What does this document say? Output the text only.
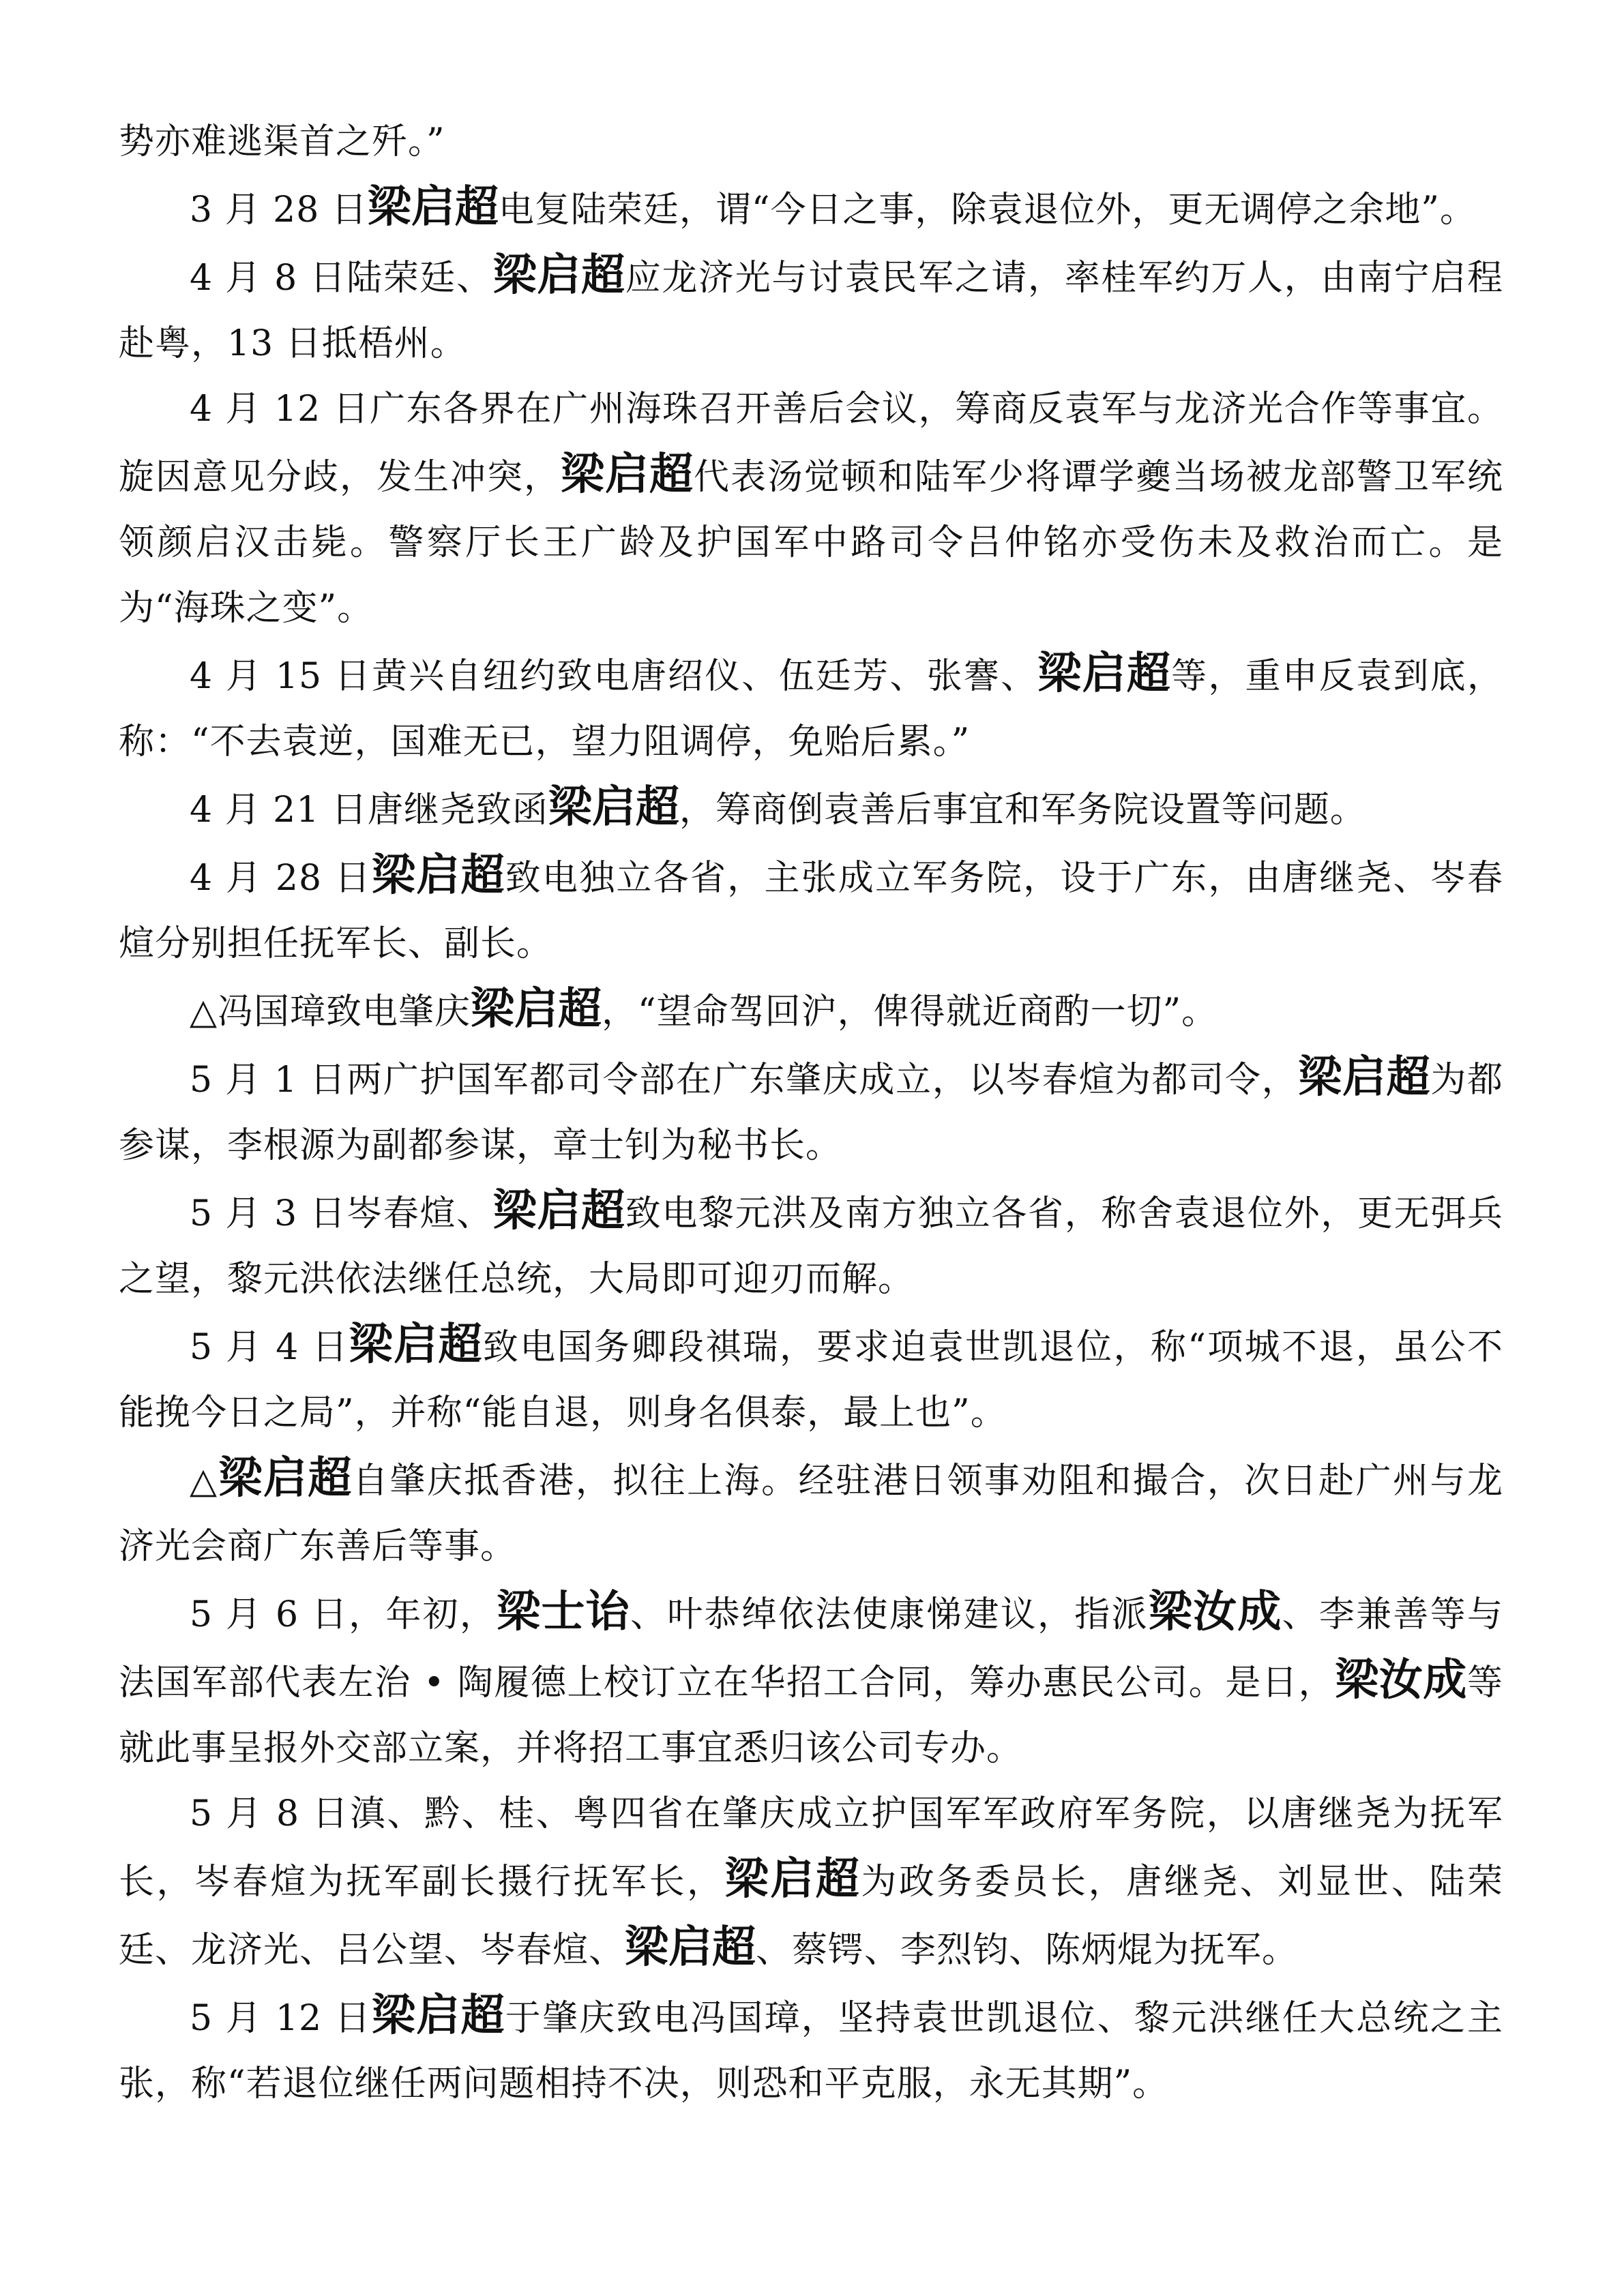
势亦难逃渠首之歼。”

3 月 28 日梁启超电复陆荣廷，谓“今日之事，除袁退位外，更无调停之余地”。

4 月 8 日陆荣廷、梁启超应龙济光与讨袁民军之请，率桂军约万人，由南宁启程赴粤，13 日抵梧州。

4 月 12 日广东各界在广州海珠召开善后会议，筹商反袁军与龙济光合作等事宜。旋因意见分歧，发生冲突，梁启超代表汤觉顿和陆军少将谭学夔当场被龙部警卫军统领颜启汉击毙。警察厅长王广龄及护国军中路司令吕仲铭亦受伤未及救治而亡。是为“海珠之变”。

4 月 15 日黄兴自纽约致电唐绍仪、伍廷芳、张謇、梁启超等，重申反袁到底，称：“不去袁逆，国难无已，望力阻调停，免贻后累。”

4 月 21 日唐继尧致函梁启超，筹商倒袁善后事宜和军务院设置等问题。

4 月 28 日梁启超致电独立各省，主张成立军务院，设于广东，由唐继尧、岑春煊分别担任抚军长、副长。

△冯国璋致电肇庆梁启超，“望命驾回沪，俾得就近商酌一切”。

5 月 1 日两广护国军都司令部在广东肇庆成立，以岑春煊为都司令，梁启超为都参谋，李根源为副都参谋，章士钊为秘书长。

5 月 3 日岑春煊、梁启超致电黎元洪及南方独立各省，称舍袁退位外，更无弭兵之望，黎元洪依法继任总统，大局即可迎刃而解。

5 月 4 日梁启超致电国务卿段祺瑞，要求迫袁世凯退位，称“项城不退，虽公不能挽今日之局”，并称“能自退，则身名俱泰，最上也”。

△梁启超自肇庆抵香港，拟往上海。经驻港日领事劝阻和撮合，次日赴广州与龙济光会商广东善后等事。

5 月 6 日，年初，梁士诒、叶恭绰依法使康悌建议，指派梁汝成、李兼善等与法国军部代表左治 • 陶履德上校订立在华招工合同，筹办惠民公司。是日，梁汝成等就此事呈报外交部立案，并将招工事宜悉归该公司专办。

5 月 8 日滇、黔、桂、粤四省在肇庆成立护国军军政府军务院，以唐继尧为抚军长，岑春煊为抚军副长摄行抚军长，梁启超为政务委员长，唐继尧、刘显世、陆荣廷、龙济光、吕公望、岑春煊、梁启超、蔡锷、李烈钧、陈炳焜为抚军。

5 月 12 日梁启超于肇庆致电冯国璋，坚持袁世凯退位、黎元洪继任大总统之主张，称“若退位继任两问题相持不决，则恐和平克服，永无其期”。
